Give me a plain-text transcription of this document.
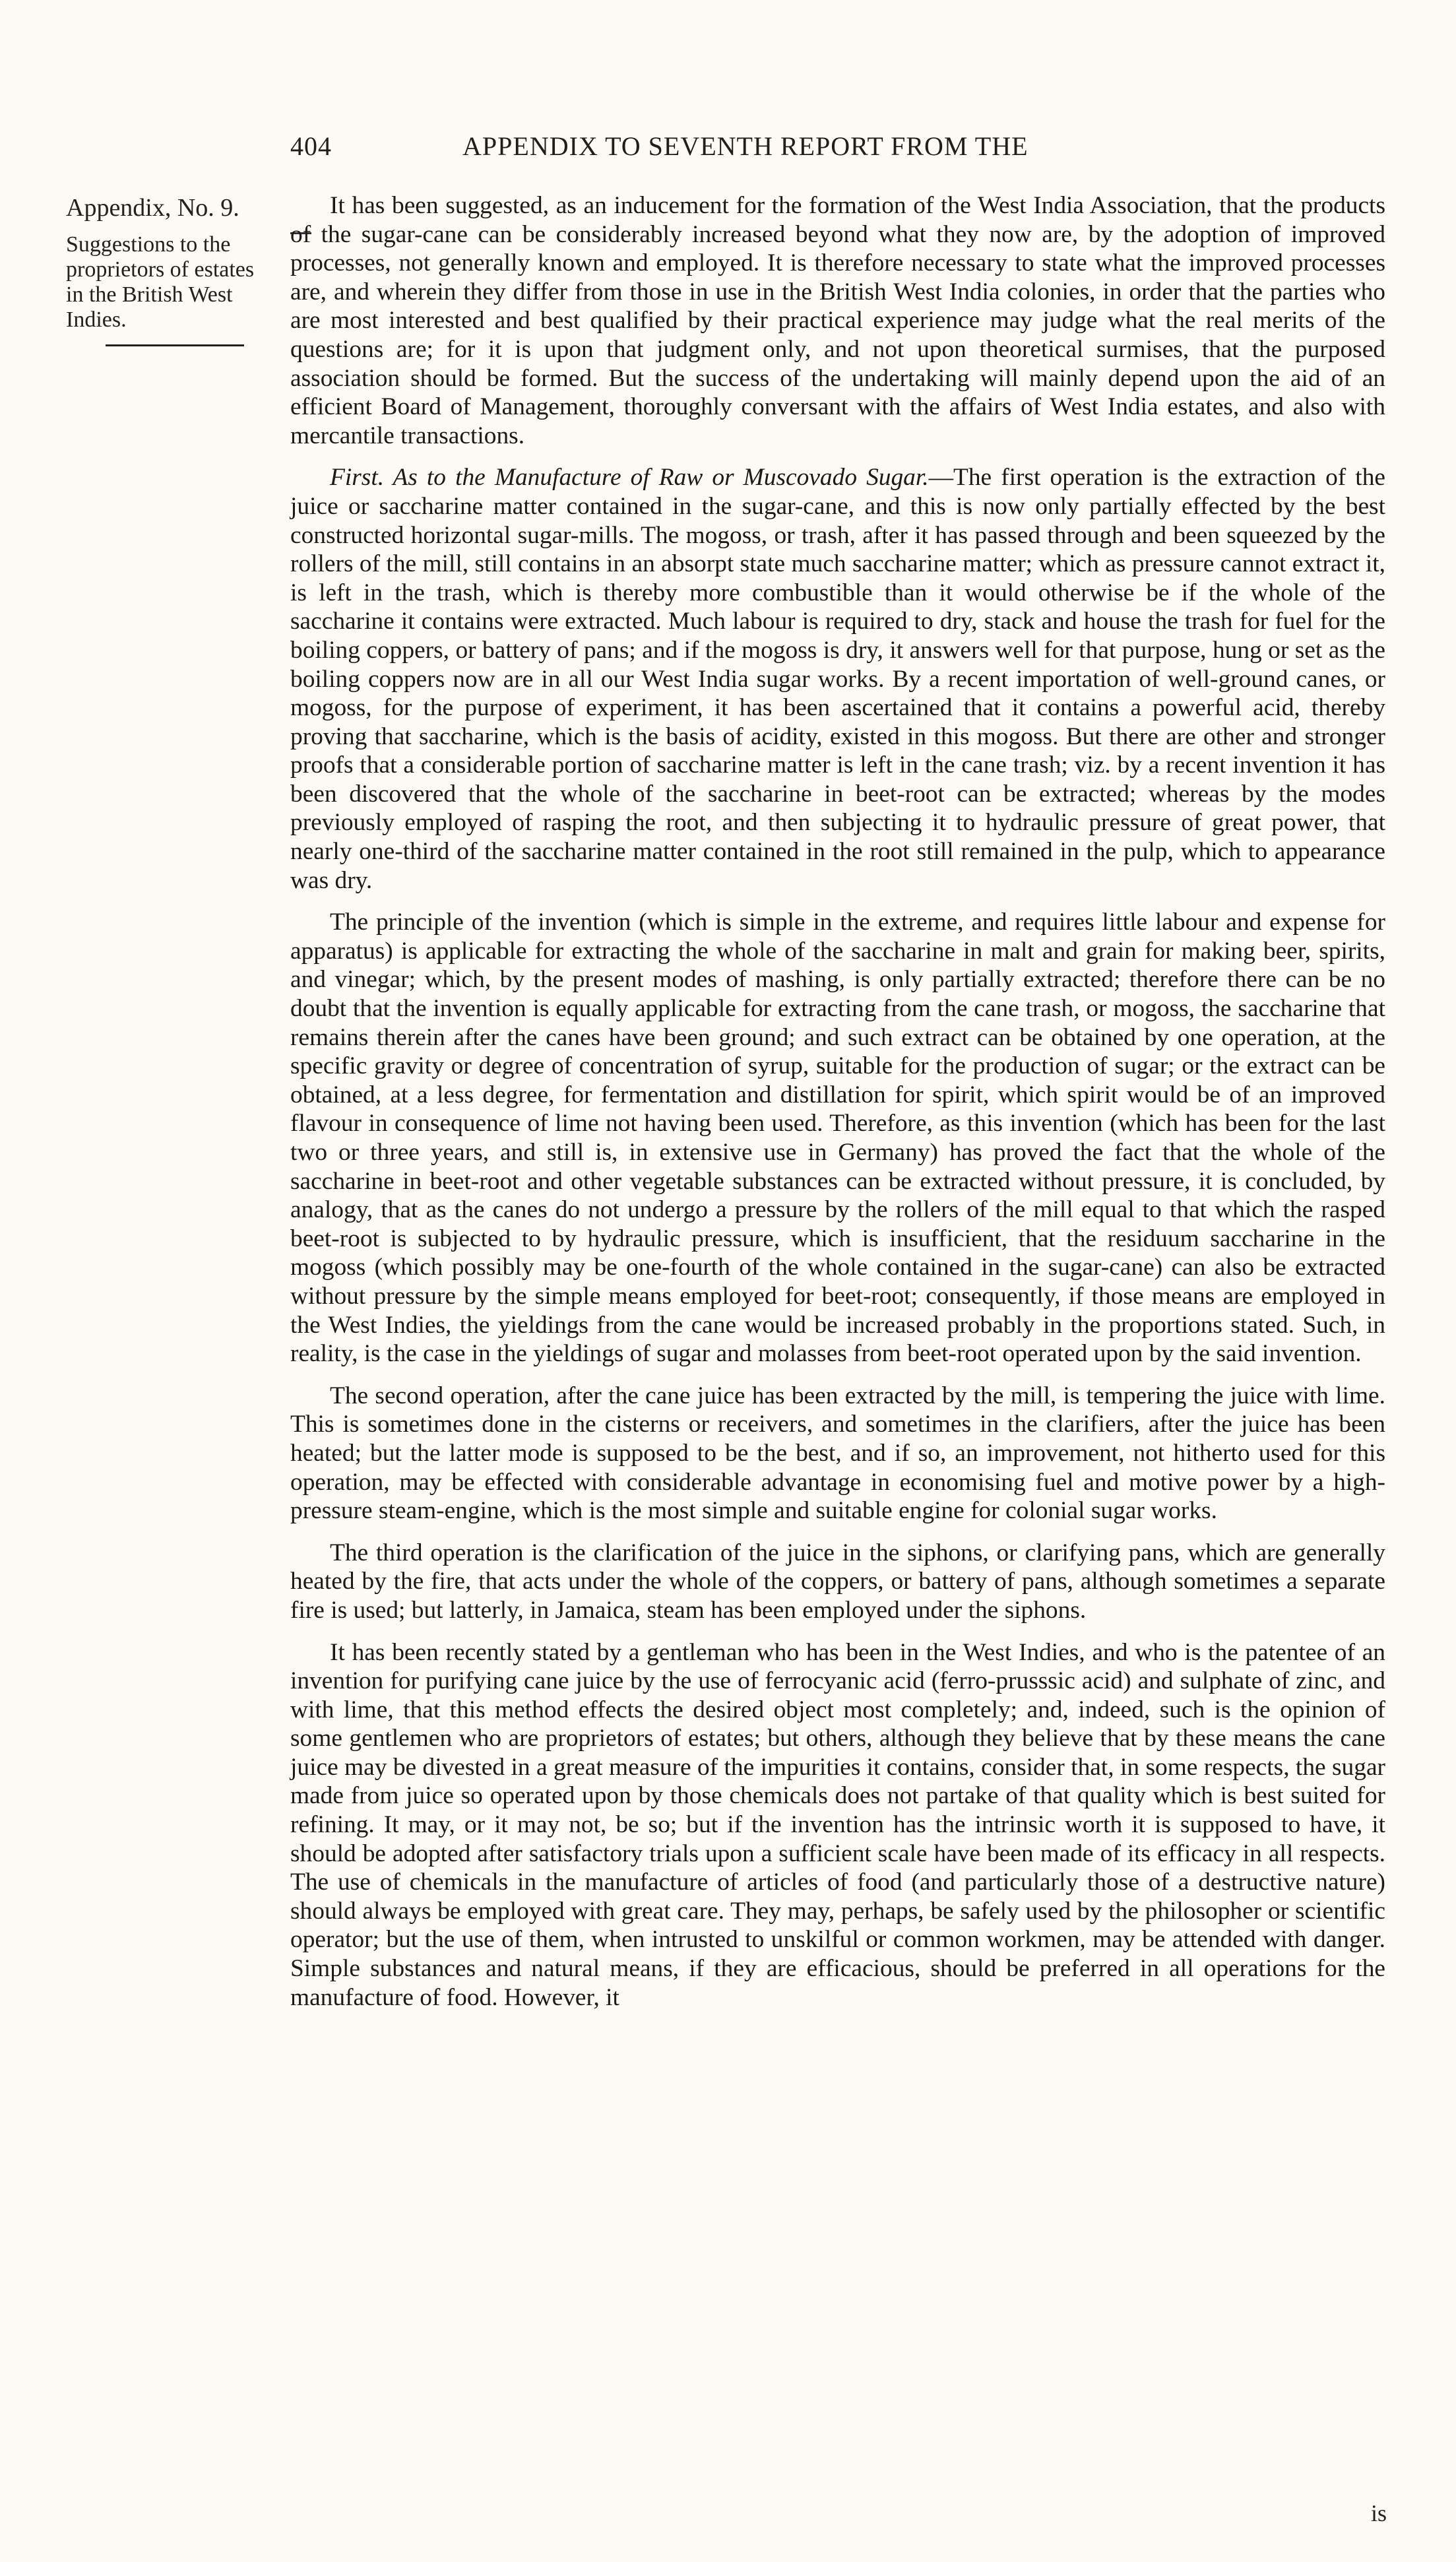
404	APPENDIX TO SEVENTH REPORT FROM THE
Appendix, No. 9.
Suggestions to the proprietors of estates in the British West Indies.

It has been suggested, as an inducement for the formation of the West India Association, that the products of the sugar-cane can be considerably increased beyond what they now are, by the adoption of improved processes, not generally known and employed. It is therefore necessary to state what the improved processes are, and wherein they differ from those in use in the British West India colonies, in order that the parties who are most interested and best qualified by their practical experience may judge what the real merits of the questions are; for it is upon that judgment only, and not upon theoretical surmises, that the purposed association should be formed. But the success of the undertaking will mainly depend upon the aid of an efficient Board of Management, thoroughly conversant with the affairs of West India estates, and also with mercantile transactions.

First. As to the Manufacture of Raw or Muscovado Sugar.—The first operation is the extraction of the juice or saccharine matter contained in the sugar-cane, and this is now only partially effected by the best constructed horizontal sugar-mills. The mogoss, or trash, after it has passed through and been squeezed by the rollers of the mill, still contains in an absorpt state much saccharine matter; which as pressure cannot extract it, is left in the trash, which is thereby more combustible than it would otherwise be if the whole of the saccharine it contains were extracted. Much labour is required to dry, stack and house the trash for fuel for the boiling coppers, or battery of pans; and if the mogoss is dry, it answers well for that purpose, hung or set as the boiling coppers now are in all our West India sugar works. By a recent importation of well-ground canes, or mogoss, for the purpose of experiment, it has been ascertained that it contains a powerful acid, thereby proving that saccharine, which is the basis of acidity, existed in this mogoss. But there are other and stronger proofs that a considerable portion of saccharine matter is left in the cane trash; viz. by a recent invention it has been discovered that the whole of the saccharine in beet-root can be extracted; whereas by the modes previously employed of rasping the root, and then subjecting it to hydraulic pressure of great power, that nearly one-third of the saccharine matter contained in the root still remained in the pulp, which to appearance was dry.

The principle of the invention (which is simple in the extreme, and requires little labour and expense for apparatus) is applicable for extracting the whole of the saccharine in malt and grain for making beer, spirits, and vinegar; which, by the present modes of mashing, is only partially extracted; therefore there can be no doubt that the invention is equally applicable for extracting from the cane trash, or mogoss, the saccharine that remains therein after the canes have been ground; and such extract can be obtained by one operation, at the specific gravity or degree of concentration of syrup, suitable for the production of sugar; or the extract can be obtained, at a less degree, for fermentation and distillation for spirit, which spirit would be of an improved flavour in consequence of lime not having been used. Therefore, as this invention (which has been for the last two or three years, and still is, in extensive use in Germany) has proved the fact that the whole of the saccharine in beet-root and other vegetable substances can be extracted without pressure, it is concluded, by analogy, that as the canes do not undergo a pressure by the rollers of the mill equal to that which the rasped beet-root is subjected to by hydraulic pressure, which is insufficient, that the residuum saccharine in the mogoss (which possibly may be one-fourth of the whole contained in the sugar-cane) can also be extracted without pressure by the simple means employed for beet-root; consequently, if those means are employed in the West Indies, the yieldings from the cane would be increased probably in the proportions stated. Such, in reality, is the case in the yieldings of sugar and molasses from beet-root operated upon by the said invention.

The second operation, after the cane juice has been extracted by the mill, is tempering the juice with lime. This is sometimes done in the cisterns or receivers, and sometimes in the clarifiers, after the juice has been heated; but the latter mode is supposed to be the best, and if so, an improvement, not hitherto used for this operation, may be effected with considerable advantage in economising fuel and motive power by a high-pressure steam-engine, which is the most simple and suitable engine for colonial sugar works.

The third operation is the clarification of the juice in the siphons, or clarifying pans, which are generally heated by the fire, that acts under the whole of the coppers, or battery of pans, although sometimes a separate fire is used; but latterly, in Jamaica, steam has been employed under the siphons.

It has been recently stated by a gentleman who has been in the West Indies, and who is the patentee of an invention for purifying cane juice by the use of ferrocyanic acid (ferro-prusssic acid) and sulphate of zinc, and with lime, that this method effects the desired object most completely; and, indeed, such is the opinion of some gentlemen who are proprietors of estates; but others, although they believe that by these means the cane juice may be divested in a great measure of the impurities it contains, consider that, in some respects, the sugar made from juice so operated upon by those chemicals does not partake of that quality which is best suited for refining. It may, or it may not, be so; but if the invention has the intrinsic worth it is supposed to have, it should be adopted after satisfactory trials upon a sufficient scale have been made of its efficacy in all respects. The use of chemicals in the manufacture of articles of food (and particularly those of a destructive nature) should always be employed with great care. They may, perhaps, be safely used by the philosopher or scientific operator; but the use of them, when intrusted to unskilful or common workmen, may be attended with danger. Simple substances and natural means, if they are efficacious, should be preferred in all operations for the manufacture of food. However, it

is
